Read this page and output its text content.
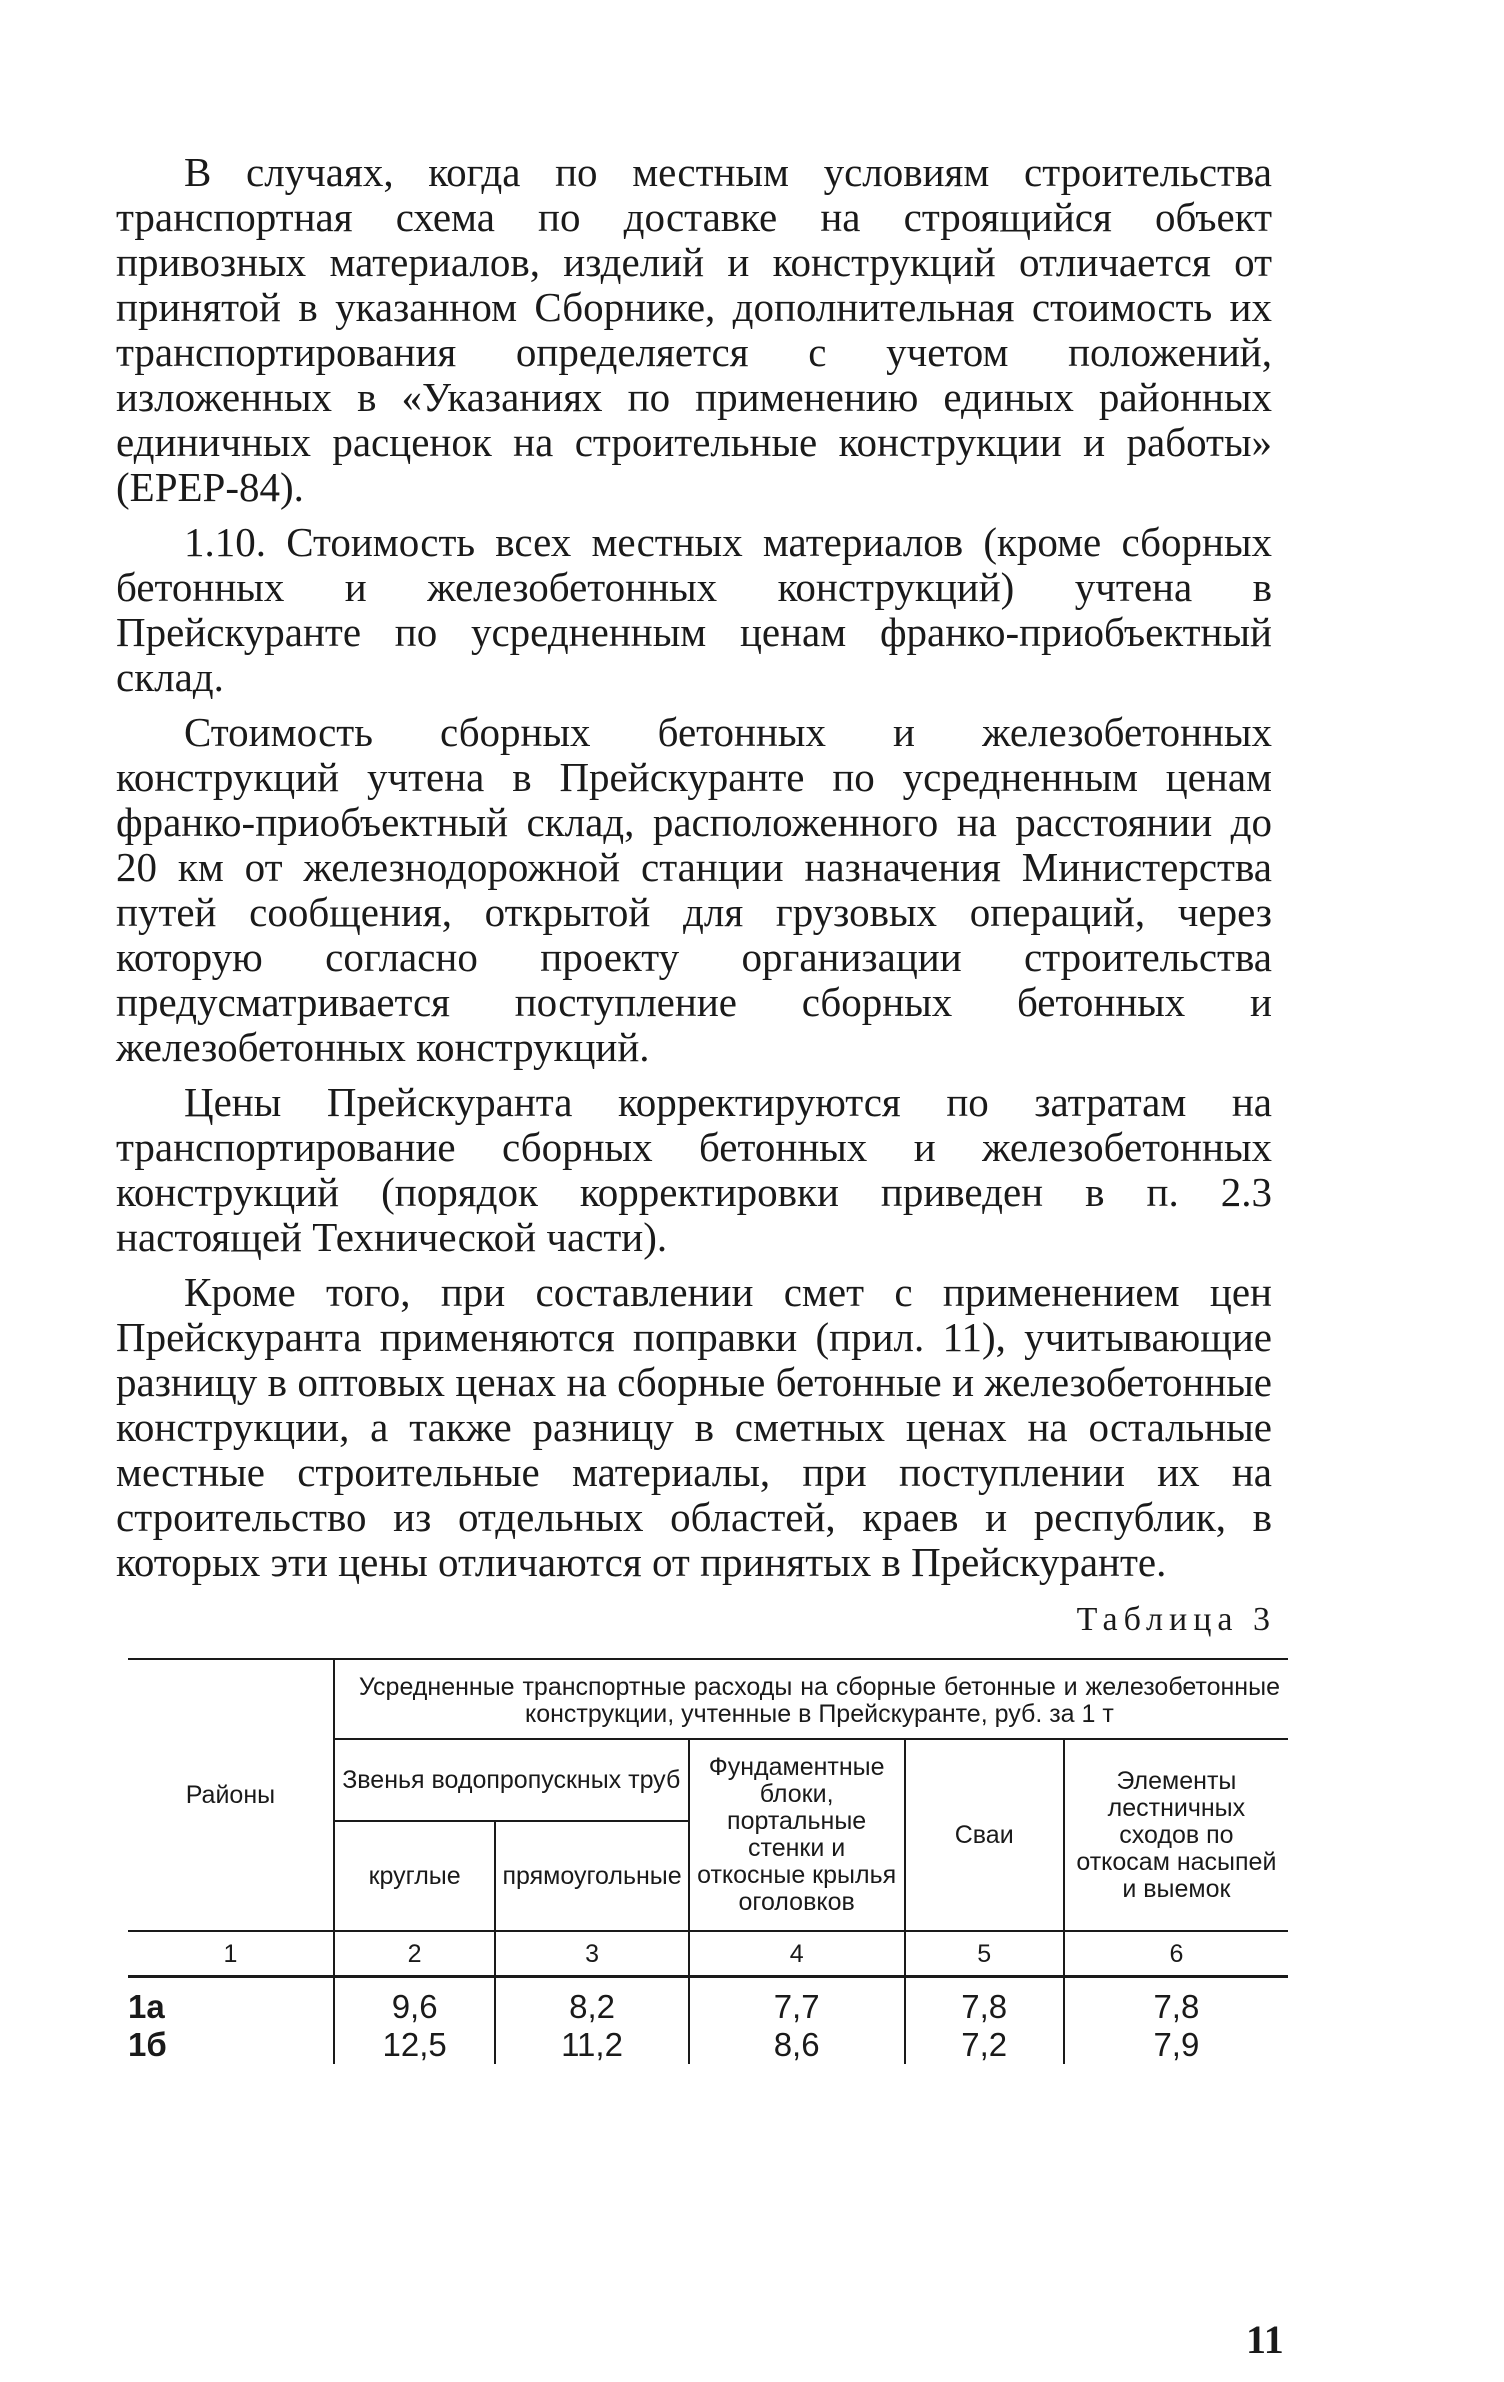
В случаях, когда по местным условиям строительства транспортная схема по доставке на строящийся объект привозных материалов, изделий и конструкций отличается от принятой в указанном Сборнике, дополнительная стоимость их транспортирования определяется с учетом положений, изложенных в «Указаниях по применению единых районных единичных расценок на строительные конструкции и работы» (ЕРЕР-84).

1.10. Стоимость всех местных материалов (кроме сборных бетонных и железобетонных конструкций) учтена в Прейскуранте по усредненным ценам франко-приобъектный склад.

Стоимость сборных бетонных и железобетонных конструкций учтена в Прейскуранте по усредненным ценам франко-приобъектный склад, расположенного на расстоянии до 20 км от железнодорожной станции назначения Министерства путей сообщения, открытой для грузовых операций, через которую согласно проекту организации строительства предусматривается поступление сборных бетонных и железобетонных конструкций.

Цены Прейскуранта корректируются по затратам на транспортирование сборных бетонных и железобетонных конструкций (порядок корректировки приведен в п. 2.3 настоящей Технической части).

Кроме того, при составлении смет с применением цен Прейскуранта применяются поправки (прил. 11), учитывающие разницу в оптовых ценах на сборные бетонные и железобетонные конструкции, а также разницу в сметных ценах на остальные местные строительные материалы, при поступлении их на строительство из отдельных областей, краев и республик, в которых эти цены отличаются от принятых в Прейскуранте.

Таблица 3
Районы	Усредненные транспортные расходы на сборные бетонные и железобетонные конструкции, учтенные в Прейскуранте, руб. за 1 т				
	Звенья водопропускных труб		Фундаментные блоки, портальные стенки и откосные крылья оголовков	Сваи	Элементы лестничных сходов по откосам насыпей и выемок
	круглые	прямоугольные			
1	2	3	4	5	6
1а	9,6	8,2	7,7	7,8	7,8
1б	12,5	11,2	8,6	7,2	7,9
11
